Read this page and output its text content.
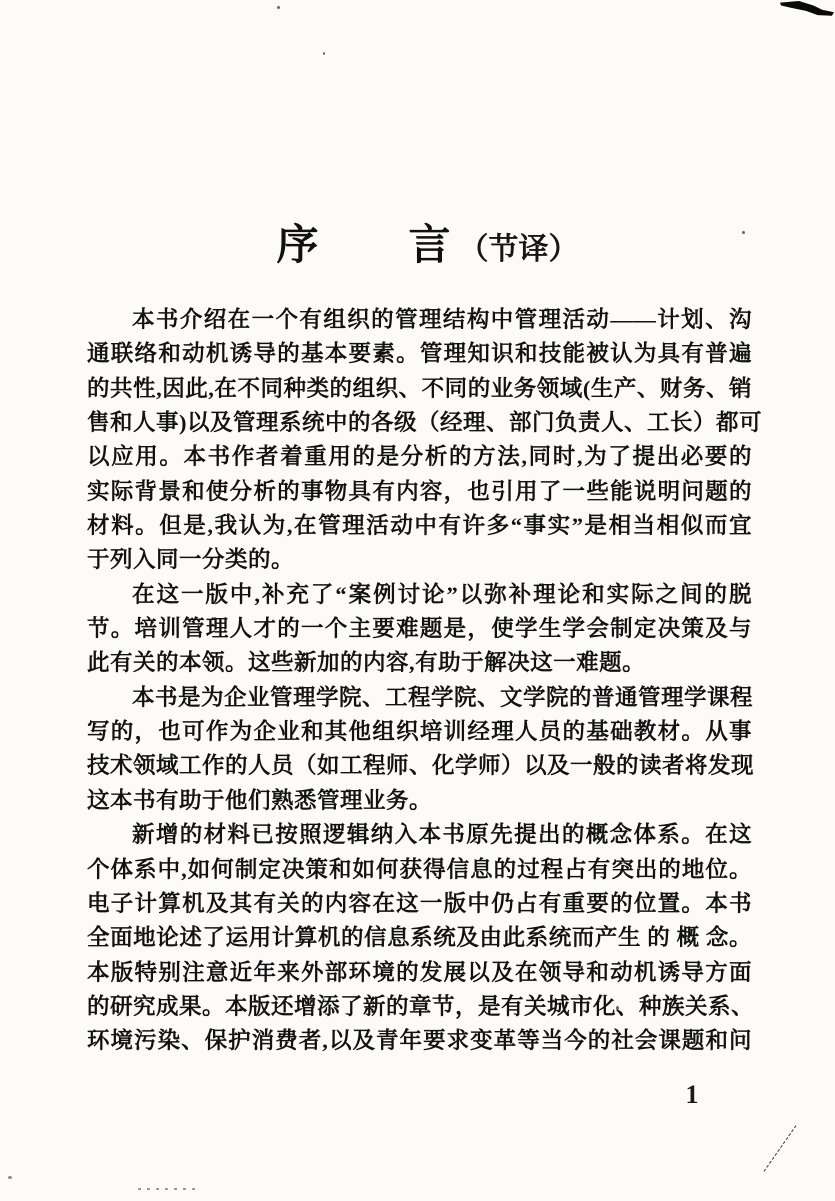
序　　言 （节译）
本书介绍在一个有组织的管理结构中管理活动——计划、沟
通联络和动机诱导的基本要素。管理知识和技能被认为具有普遍
的共性,因此,在不同种类的组织、不同的业务领域(生产、财务、销
售和人事)以及管理系统中的各级（经理、部门负责人、工长）都可
以应用。本书作者着重用的是分析的方法,同时,为了提出必要的
实际背景和使分析的事物具有内容，也引用了一些能说明问题的
材料。但是,我认为,在管理活动中有许多“事实”是相当相似而宜
于列入同一分类的。
在这一版中,补充了“案例讨论”以弥补理论和实际之间的脱
节。培训管理人才的一个主要难题是，使学生学会制定决策及与
此有关的本领。这些新加的内容,有助于解决这一难题。
本书是为企业管理学院、工程学院、文学院的普通管理学课程
写的，也可作为企业和其他组织培训经理人员的基础教材。从事
技术领域工作的人员（如工程师、化学师）以及一般的读者将发现
这本书有助于他们熟悉管理业务。
新增的材料已按照逻辑纳入本书原先提出的概念体系。在这
个体系中,如何制定决策和如何获得信息的过程占有突出的地位。
电子计算机及其有关的内容在这一版中仍占有重要的位置。本书
全面地论述了运用计算机的信息系统及由此系统而产生 的 概 念。
本版特别注意近年来外部环境的发展以及在领导和动机诱导方面
的研究成果。本版还增添了新的章节，是有关城市化、种族关系、
环境污染、保护消费者,以及青年要求变革等当今的社会课题和问
1
